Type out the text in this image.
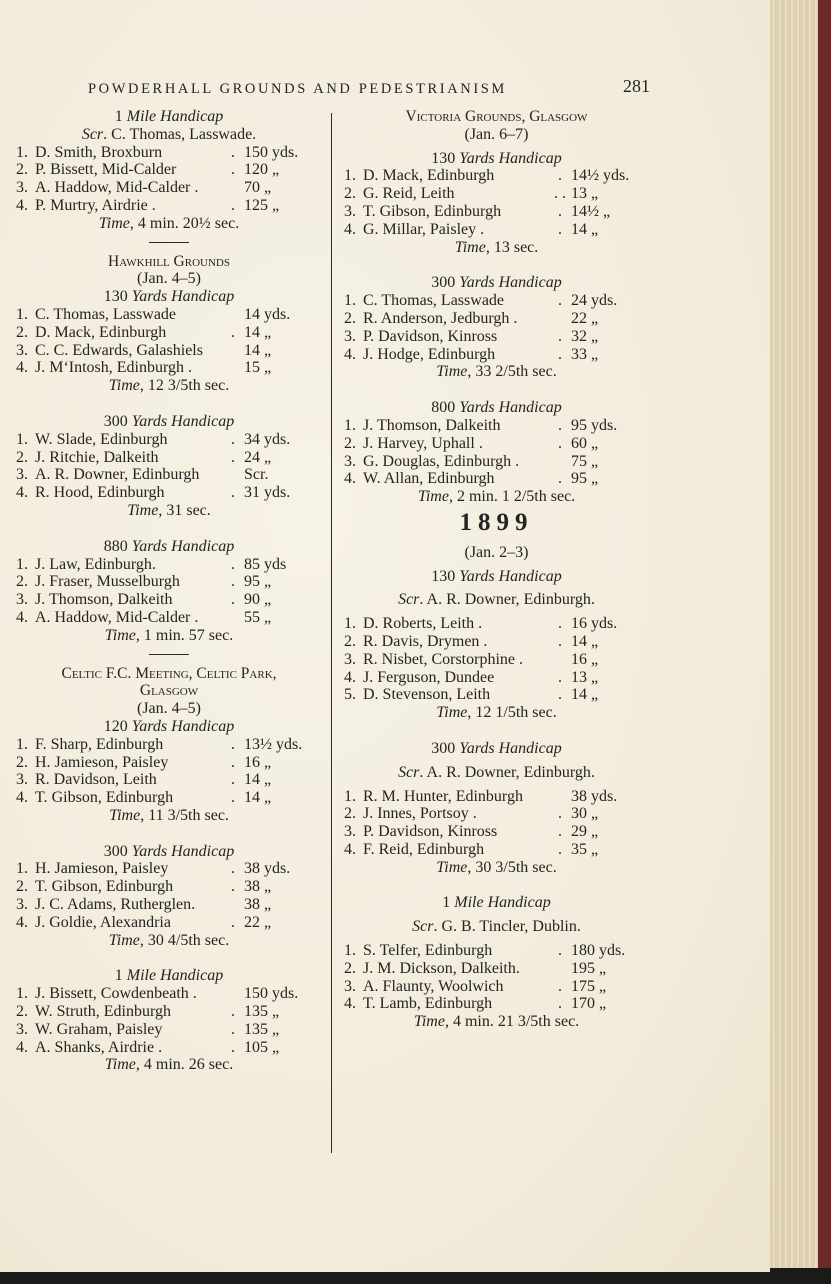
POWDERHALL GROUNDS AND PEDESTRIANISM	281
1 Mile Handicap
Scr. C. Thomas, Lasswade.
1. D. Smith, Broxburn	. 150 yds.
2. P. Bissett, Mid-Calder	. 120 „
3. A. Haddow, Mid-Calder .	70 „
4. P. Murtry, Airdrie .	. 125 „
Time, 4 min. 20½ sec.
Hawkhill Grounds
(Jan. 4–5)
130 Yards Handicap
1. C. Thomas, Lasswade	14 yds.
2. D. Mack, Edinburgh	. 14 „
3. C. C. Edwards, Galashiels	14 „
4. J. M‘Intosh, Edinburgh .	15 „
Time, 12 3/5th sec.
300 Yards Handicap
1. W. Slade, Edinburgh	. 34 yds.
2. J. Ritchie, Dalkeith	. 24 „
3. A. R. Downer, Edinburgh	Scr.
4. R. Hood, Edinburgh	. 31 yds.
Time, 31 sec.
880 Yards Handicap
1. J. Law, Edinburgh.	. 85 yds
2. J. Fraser, Musselburgh	. 95 „
3. J. Thomson, Dalkeith	. 90 „
4. A. Haddow, Mid-Calder .	55 „
Time, 1 min. 57 sec.
Celtic F.C. Meeting, Celtic Park,
Glasgow
(Jan. 4–5)
120 Yards Handicap
1. F. Sharp, Edinburgh	. 13½ yds.
2. H. Jamieson, Paisley	. 16 „
3. R. Davidson, Leith	. 14 „
4. T. Gibson, Edinburgh	. 14 „
Time, 11 3/5th sec.
300 Yards Handicap
1. H. Jamieson, Paisley	. 38 yds.
2. T. Gibson, Edinburgh	. 38 „
3. J. C. Adams, Rutherglen.	38 „
4. J. Goldie, Alexandria	. 22 „
Time, 30 4/5th sec.
1 Mile Handicap
1. J. Bissett, Cowdenbeath .	150 yds.
2. W. Struth, Edinburgh	. 135 „
3. W. Graham, Paisley	. 135 „
4. A. Shanks, Airdrie .	. 105 „
Time, 4 min. 26 sec.
Victoria Grounds, Glasgow
(Jan. 6–7)
130 Yards Handicap
1. D. Mack, Edinburgh	. 14½ yds.
2. G. Reid, Leith	. . 13 „
3. T. Gibson, Edinburgh	. 14½ „
4. G. Millar, Paisley .	. 14 „
Time, 13 sec.
300 Yards Handicap
1. C. Thomas, Lasswade	. 24 yds.
2. R. Anderson, Jedburgh .	22 „
3. P. Davidson, Kinross	. 32 „
4. J. Hodge, Edinburgh	. 33 „
Time, 33 2/5th sec.
800 Yards Handicap
1. J. Thomson, Dalkeith	. 95 yds.
2. J. Harvey, Uphall .	. 60 „
3. G. Douglas, Edinburgh .	75 „
4. W. Allan, Edinburgh	. 95 „
Time, 2 min. 1 2/5th sec.
1899
(Jan. 2–3)
130 Yards Handicap
Scr. A. R. Downer, Edinburgh.
1. D. Roberts, Leith .	. 16 yds.
2. R. Davis, Drymen .	. 14 „
3. R. Nisbet, Corstorphine .	16 „
4. J. Ferguson, Dundee	. 13 „
5. D. Stevenson, Leith	. 14 „
Time, 12 1/5th sec.
300 Yards Handicap
Scr. A. R. Downer, Edinburgh.
1. R. M. Hunter, Edinburgh	38 yds.
2. J. Innes, Portsoy .	. 30 „
3. P. Davidson, Kinross	. 29 „
4. F. Reid, Edinburgh	. 35 „
Time, 30 3/5th sec.
1 Mile Handicap
Scr. G. B. Tincler, Dublin.
1. S. Telfer, Edinburgh	. 180 yds.
2. J. M. Dickson, Dalkeith.	195 „
3. A. Flaunty, Woolwich	. 175 „
4. T. Lamb, Edinburgh	. 170 „
Time, 4 min. 21 3/5th sec.
